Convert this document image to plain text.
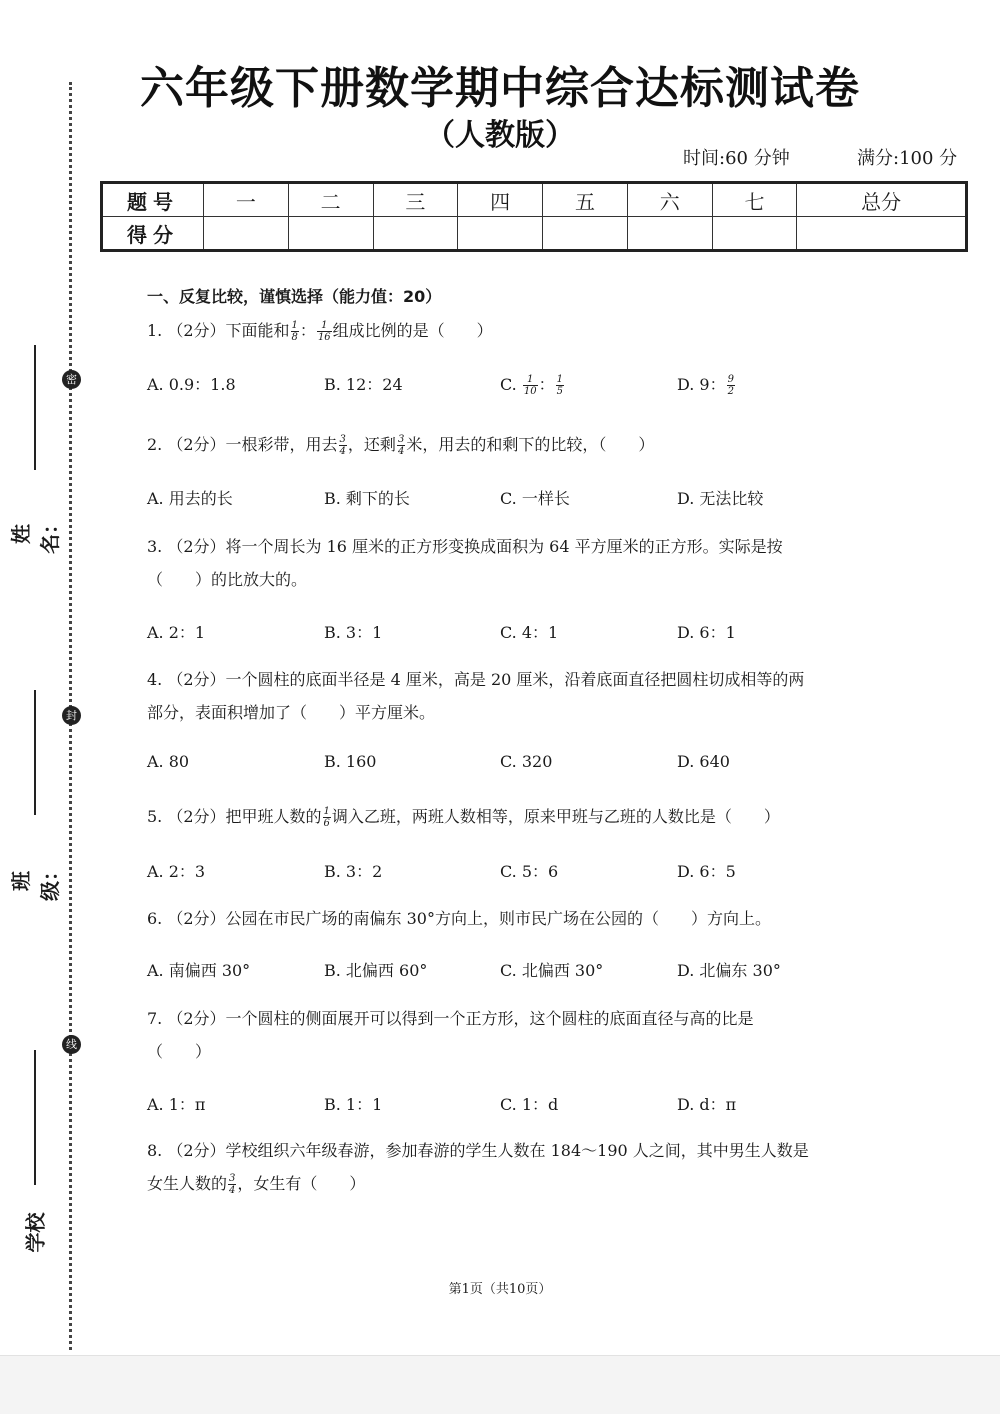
密
封
线
姓名：
班级：
学校
六年级下册数学期中综合达标测试卷
（人教版）
时间:60 分钟	满分:100 分
题号	一	二	三	四	五	六	七	总分
得分								
一、反复比较，谨慎选择（能力值：20）
1. （2分）下面能和 $\frac{1}{8}$ ： $\frac{1}{16}$ 组成比例的是（　　）
A. 0.9：1.8	B. 12：24	C. $\frac{1}{10}$ ： $\frac{1}{5}$	D. 9： $\frac{9}{2}$
2. （2分）一根彩带，用去 $\frac{3}{4}$ ，还剩 $\frac{3}{4}$ 米，用去的和剩下的比较，（　　）
A. 用去的长	B. 剩下的长	C. 一样长	D. 无法比较
3. （2分）将一个周长为 16 厘米的正方形变换成面积为 64 平方厘米的正方形。实际是按
（　　）的比放大的。
A. 2：1	B. 3：1	C. 4：1	D. 6：1
4. （2分）一个圆柱的底面半径是 4 厘米，高是 20 厘米，沿着底面直径把圆柱切成相等的两
部分，表面积增加了（　　）平方厘米。
A. 80	B. 160	C. 320	D. 640
5. （2分）把甲班人数的 $\frac{1}{6}$ 调入乙班，两班人数相等，原来甲班与乙班的人数比是（　　）
A. 2：3	B. 3：2	C. 5：6	D. 6：5
6. （2分）公园在市民广场的南偏东 30°方向上，则市民广场在公园的（　　）方向上。
A. 南偏西 30°	B. 北偏西 60°	C. 北偏西 30°	D. 北偏东 30°
7. （2分）一个圆柱的侧面展开可以得到一个正方形，这个圆柱的底面直径与高的比是
（　　）
A. 1：π	B. 1：1	C. 1：d	D. d：π
8. （2分）学校组织六年级春游，参加春游的学生人数在 184～190 人之间，其中男生人数是
女生人数的 $\frac{3}{4}$ ，女生有（　　）
第1页（共10页）
